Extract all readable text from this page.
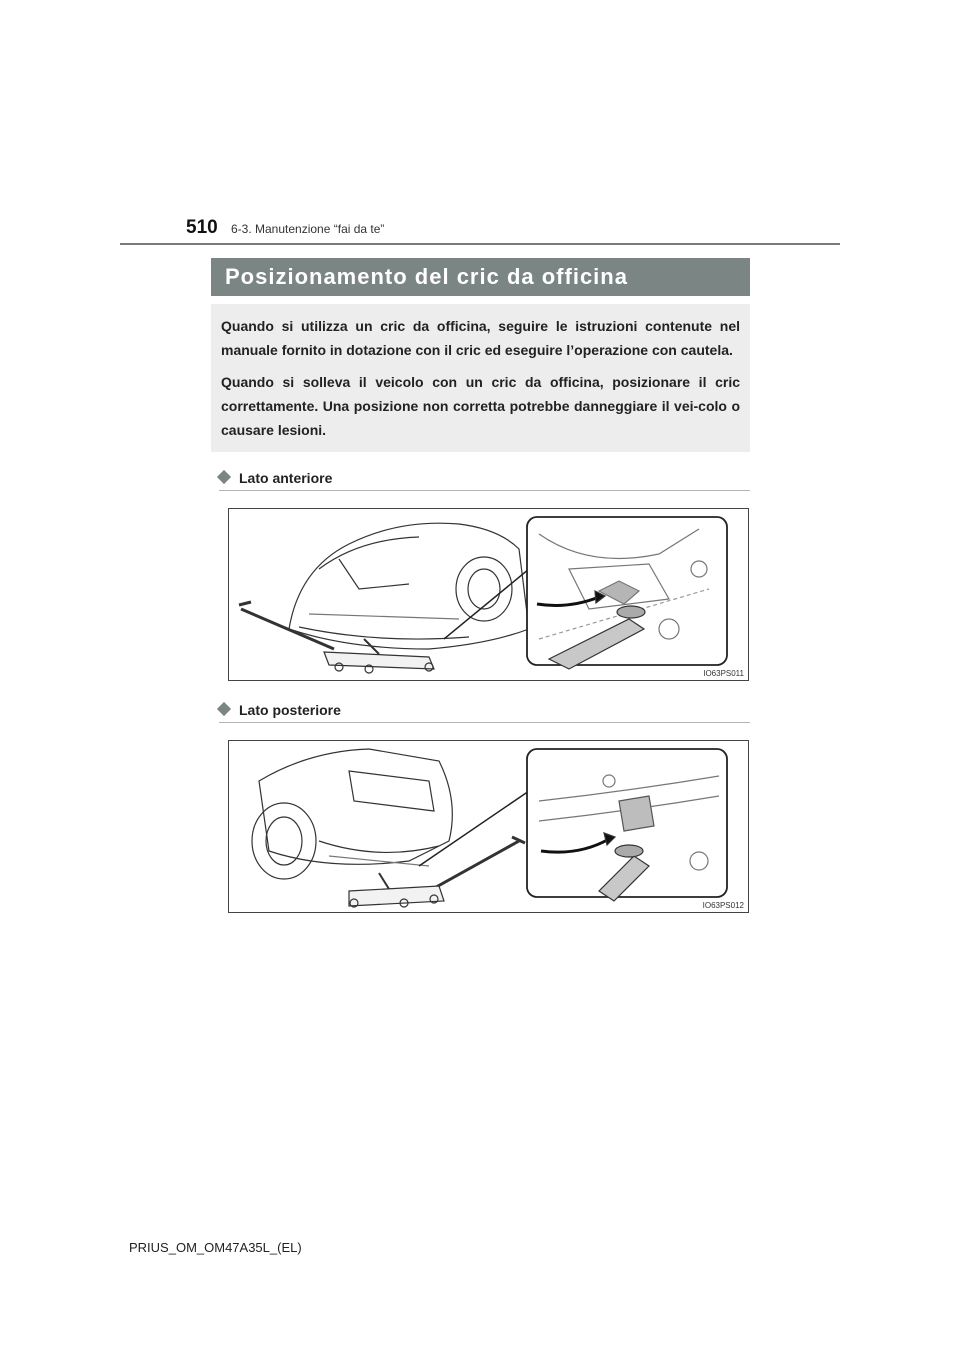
510 6-3. Manutenzione “fai da te”
Posizionamento del cric da officina

Quando si utilizza un cric da officina, seguire le istruzioni contenute nel manuale fornito in dotazione con il cric ed eseguire l’operazione con cautela.

Quando si solleva il veicolo con un cric da officina, posizionare il cric correttamente. Una posizione non corretta potrebbe danneggiare il vei-colo o causare lesioni.

Lato anteriore
IO63PS011
Lato posteriore
IO63PS012
PRIUS_OM_OM47A35L_(EL)
